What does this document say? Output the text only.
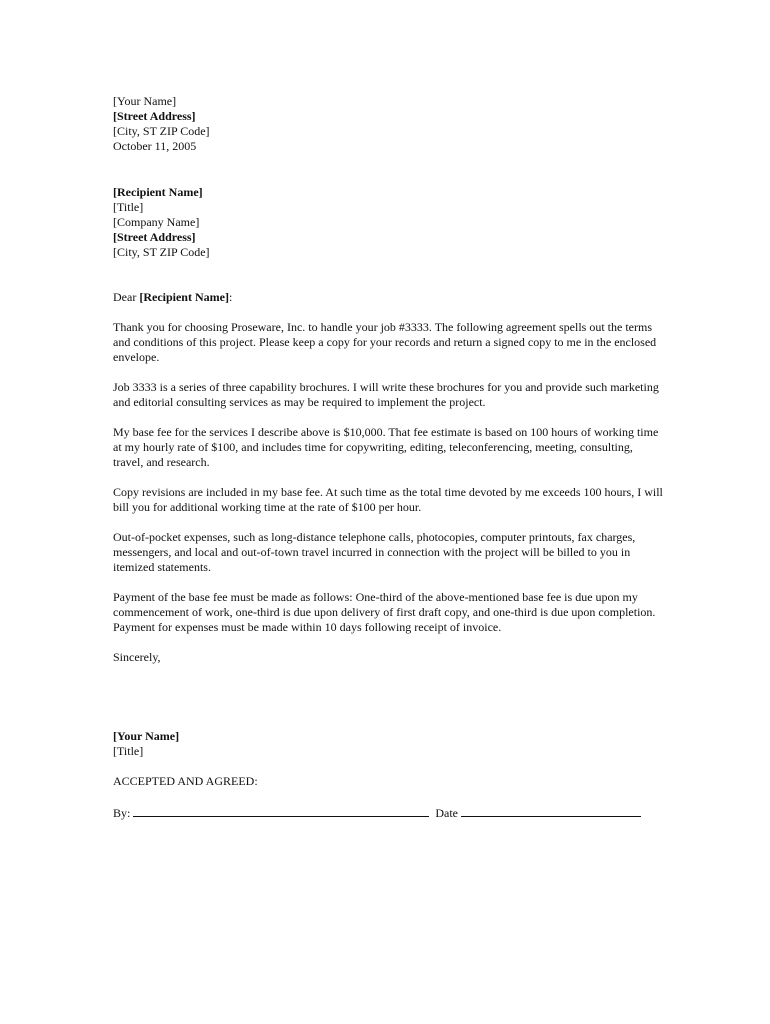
[Your Name]
[Street Address]
[City, ST ZIP Code]
October 11, 2005
[Recipient Name]
[Title]
[Company Name]
[Street Address]
[City, ST ZIP Code]
Dear [Recipient Name]:

Thank you for choosing Proseware, Inc. to handle your job #3333. The following agreement spells out the terms and conditions of this project. Please keep a copy for your records and return a signed copy to me in the enclosed envelope.

Job 3333 is a series of three capability brochures. I will write these brochures for you and provide such marketing and editorial consulting services as may be required to implement the project.

My base fee for the services I describe above is $10,000. That fee estimate is based on 100 hours of working time at my hourly rate of $100, and includes time for copywriting, editing, teleconferencing, meeting, consulting, travel, and research.

Copy revisions are included in my base fee. At such time as the total time devoted by me exceeds 100 hours, I will bill you for additional working time at the rate of $100 per hour.

Out-of-pocket expenses, such as long-distance telephone calls, photocopies, computer printouts, fax charges, messengers, and local and out-of-town travel incurred in connection with the project will be billed to you in itemized statements.

Payment of the base fee must be made as follows: One-third of the above-mentioned base fee is due upon my commencement of work, one-third is due upon delivery of first draft copy, and one-third is due upon completion. Payment for expenses must be made within 10 days following receipt of invoice.

Sincerely,

[Your Name]
[Title]
ACCEPTED AND AGREED:
By:	Date
